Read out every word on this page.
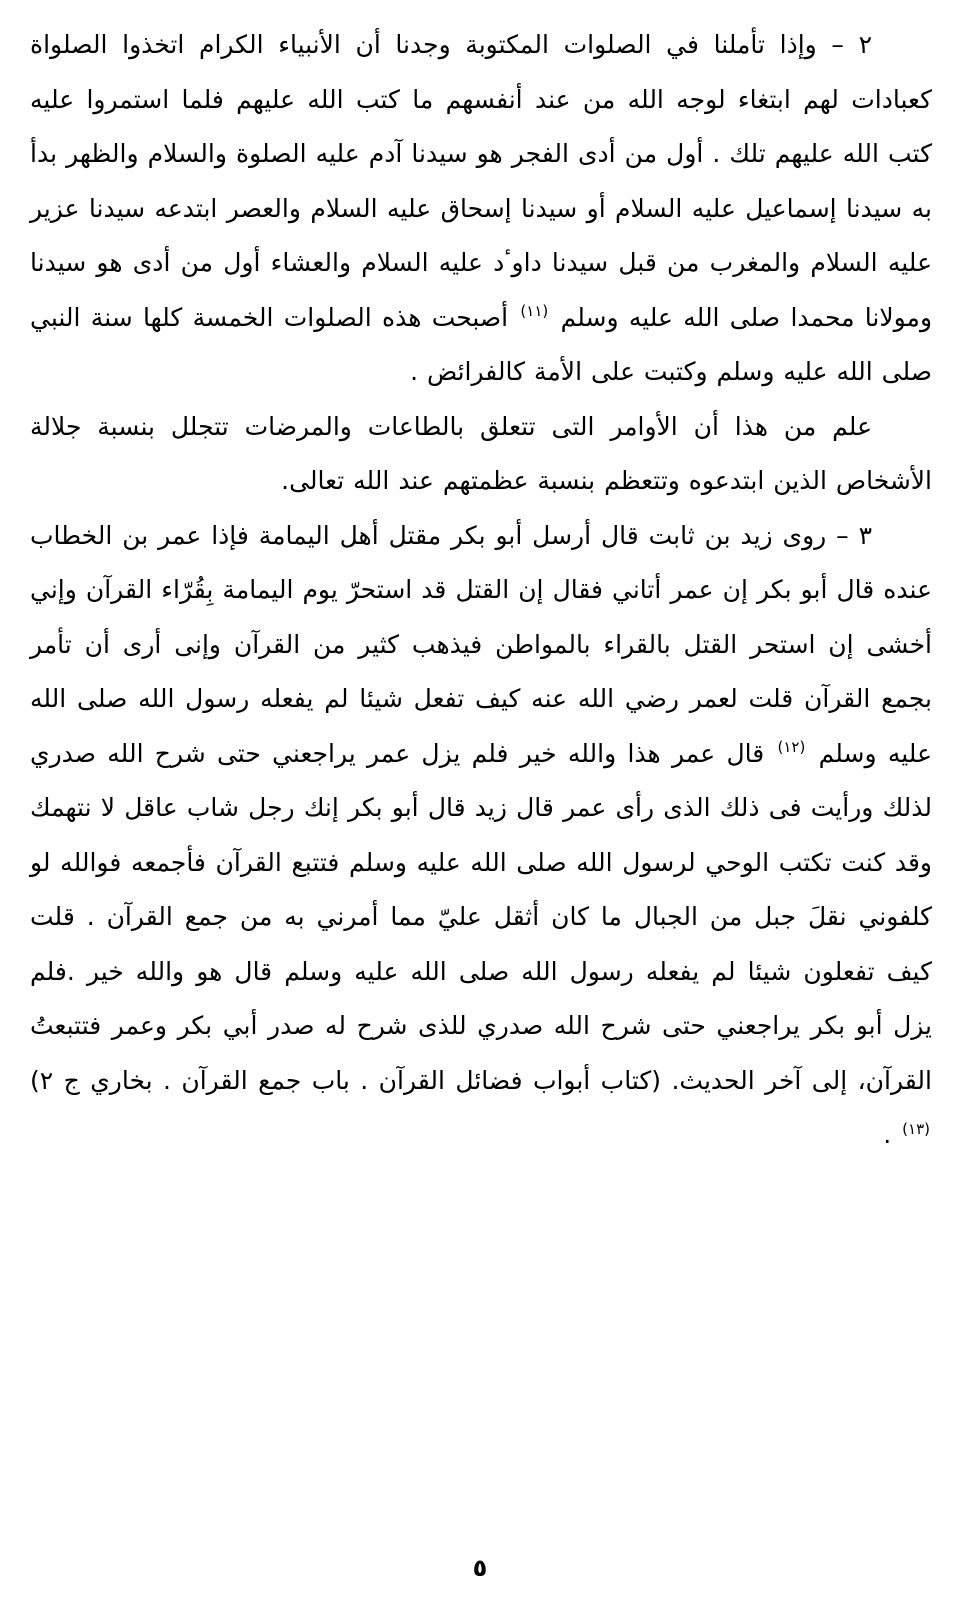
٢ – وإذا تأملنا في الصلوات المكتوبة وجدنا أن الأنبياء الكرام اتخذوا الصلواة كعبادات لهم ابتغاء لوجه الله من عند أنفسهم ما كتب الله عليهم فلما استمروا عليه كتب الله عليهم تلك . أول من أدى الفجر هو سيدنا آدم عليه الصلوة والسلام والظهر بدأ به سيدنا إسماعيل عليه السلام أو سيدنا إسحاق عليه السلام والعصر ابتدعه سيدنا عزير عليه السلام والمغرب من قبل سيدنا داوٴد عليه السلام والعشاء أول من أدى هو سيدنا ومولانا محمدا صلى الله عليه وسلم $^{(١١)}$ أصبحت هذه الصلوات الخمسة كلها سنة النبي صلى الله عليه وسلم وكتبت على الأمة كالفرائض .

علم من هذا أن الأوامر التى تتعلق بالطاعات والمرضات تتجلل بنسبة جلالة الأشخاص الذين ابتدعوه وتتعظم بنسبة عظمتهم عند الله تعالى.

٣ – روى زيد بن ثابت قال أرسل أبو بكر مقتل أهل اليمامة فإذا عمر بن الخطاب عنده قال أبو بكر إن عمر أتاني فقال إن القتل قد استحرّ يوم اليمامة بِقُرّاء القرآن وإني أخشى إن استحر القتل بالقراء بالمواطن فيذهب كثير من القرآن وإنى أرى أن تأمر بجمع القرآن قلت لعمر رضي الله عنه كيف تفعل شيئا لم يفعله رسول الله صلى الله عليه وسلم $^{(١٢)}$ قال عمر هذا والله خير فلم يزل عمر يراجعني حتى شرح الله صدري لذلك ورأيت فى ذلك الذى رأى عمر قال زيد قال أبو بكر إنك رجل شاب عاقل لا نتهمك وقد كنت تكتب الوحي لرسول الله صلى الله عليه وسلم فتتبع القرآن فأجمعه فوالله لو كلفوني نقلَ جبل من الجبال ما كان أثقل عليّ مما أمرني به من جمع القرآن . قلت كيف تفعلون شيئا لم يفعله رسول الله صلى الله عليه وسلم قال هو والله خير .فلم يزل أبو بكر يراجعني حتى شرح الله صدري للذى شرح له صدر أبي بكر وعمر فتتبعتُ القرآن، إلى آخر الحديث. (كتاب أبواب فضائل القرآن . باب جمع القرآن . بخاري ج ٢) $^{(١٣)}$ .

٥
